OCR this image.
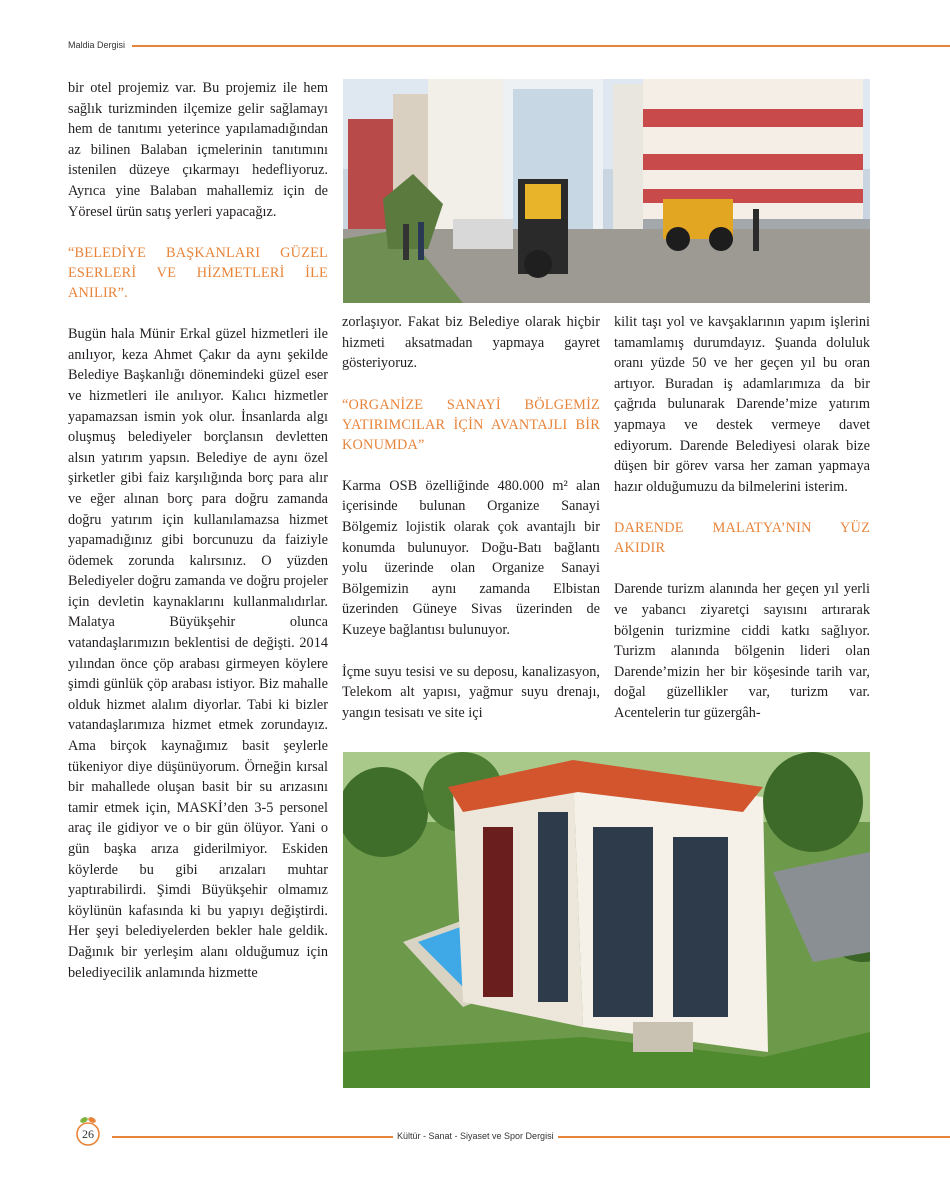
Maldia Dergisi

bir otel projemiz var. Bu projemiz ile hem sağlık turizminden ilçemize gelir sağlamayı hem de tanıtımı yeterince yapılamadığından az bilinen Balaban içmelerinin tanıtımını istenilen düzeye çıkarmayı hedefliyoruz. Ayrıca yine Balaban mahallemiz için de Yöresel ürün satış yerleri yapacağız.

“BELEDİYE BAŞKANLARI GÜZEL ESERLERİ VE HİZMETLERİ İLE ANILIR”.

Bugün hala Münir Erkal güzel hizmetleri ile anılıyor, keza Ahmet Çakır da aynı şekilde Belediye Başkanlığı dönemindeki güzel eser ve hizmetleri ile anılıyor. Kalıcı hizmetler yapamazsan ismin yok olur. İnsanlarda algı oluşmuş belediyeler borçlansın devletten alsın yatırım yapsın. Belediye de aynı özel şirketler gibi faiz karşılığında borç para alır ve eğer alınan borç para doğru zamanda doğru yatırım için kullanılamazsa hizmet yapamadığınız gibi borcunuzu da faiziyle ödemek zorunda kalırsınız. O yüzden Belediyeler doğru zamanda ve doğru projeler için devletin kaynaklarını kullanmalıdırlar. Malatya Büyükşehir olunca vatandaşlarımızın beklentisi de değişti. 2014 yılından önce çöp arabası girmeyen köylere şimdi günlük çöp arabası istiyor. Biz mahalle olduk hizmet alalım diyorlar. Tabi ki bizler vatandaşlarımıza hizmet etmek zorundayız. Ama birçok kaynağımız basit şeylerle tükeniyor diye düşünüyorum. Örneğin kırsal bir mahallede oluşan basit bir su arızasını tamir etmek için, MASKİ’den 3-5 personel araç ile gidiyor ve o bir gün ölüyor. Yani o gün başka arıza giderilmiyor. Eskiden köylerde bu gibi arızaları muhtar yaptırabilirdi. Şimdi Büyükşehir olmamız köylünün kafasında ki bu yapıyı değiştirdi. Her şeyi belediyelerden bekler hale geldik. Dağınık bir yerleşim alanı olduğumuz için belediyecilik anlamında hizmette

zorlaşıyor. Fakat biz Belediye olarak hiçbir hizmeti aksatmadan yapmaya gayret gösteriyoruz.

“ORGANİZE SANAYİ BÖLGEMİZ YATIRIMCILAR İÇİN AVANTAJLI BİR KONUMDA”

Karma OSB özelliğinde 480.000 m² alan içerisinde bulunan Organize Sanayi Bölgemiz lojistik olarak çok avantajlı bir konumda bulunuyor. Doğu-Batı bağlantı yolu üzerinde olan Organize Sanayi Bölgemizin aynı zamanda Elbistan üzerinden Güneye Sivas üzerinden de Kuzeye bağlantısı bulunuyor.

İçme suyu tesisi ve su deposu, kanalizasyon, Telekom alt yapısı, yağmur suyu drenajı, yangın tesisatı ve site içi

kilit taşı yol ve kavşaklarının yapım işlerini tamamlamış durumdayız. Şuanda doluluk oranı yüzde 50 ve her geçen yıl bu oran artıyor. Buradan iş adamlarımıza da bir çağrıda bulunarak Darende’mize yatırım yapmaya ve destek vermeye davet ediyorum. Darende Belediyesi olarak bize düşen bir görev varsa her zaman yapmaya hazır olduğumuzu da bilmelerini isterim.

DARENDE MALATYA’NIN YÜZ AKIDIR

Darende turizm alanında her geçen yıl yerli ve yabancı ziyaretçi sayısını artırarak bölgenin turizmine ciddi katkı sağlıyor. Turizm alanında bölgenin lideri olan Darende’mizin her bir köşesinde tarih var, doğal güzellikler var, turizm var. Acentelerin tur güzergâh-

26	Kültür - Sanat - Siyaset ve Spor Dergisi
